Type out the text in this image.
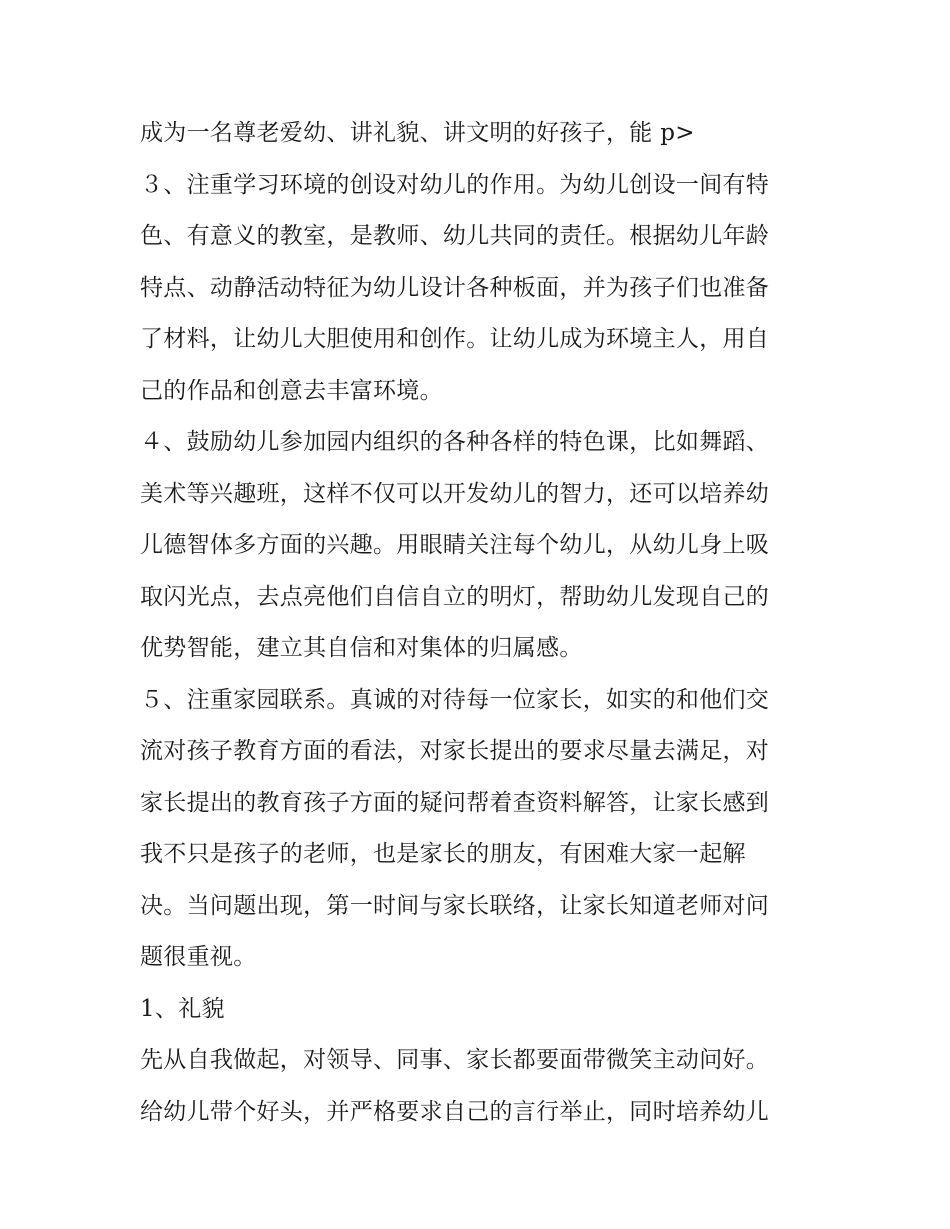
成为一名尊老爱幼、讲礼貌、讲文明的好孩子，能 p>
３、注重学习环境的创设对幼儿的作用。为幼儿创设一间有特
色、有意义的教室，是教师、幼儿共同的责任。根据幼儿年龄
特点、动静活动特征为幼儿设计各种板面，并为孩子们也准备
了材料，让幼儿大胆使用和创作。让幼儿成为环境主人，用自
己的作品和创意去丰富环境。
４、鼓励幼儿参加园内组织的各种各样的特色课，比如舞蹈、
美术等兴趣班，这样不仅可以开发幼儿的智力，还可以培养幼
儿德智体多方面的兴趣。用眼睛关注每个幼儿，从幼儿身上吸
取闪光点，去点亮他们自信自立的明灯，帮助幼儿发现自己的
优势智能，建立其自信和对集体的归属感。
５、注重家园联系。真诚的对待每一位家长，如实的和他们交
流对孩子教育方面的看法，对家长提出的要求尽量去满足，对
家长提出的教育孩子方面的疑问帮着查资料解答，让家长感到
我不只是孩子的老师，也是家长的朋友，有困难大家一起解
决。当问题出现，第一时间与家长联络，让家长知道老师对问
题很重视。
1、礼貌
先从自我做起，对领导、同事、家长都要面带微笑主动问好。
给幼儿带个好头，并严格要求自己的言行举止，同时培养幼儿
